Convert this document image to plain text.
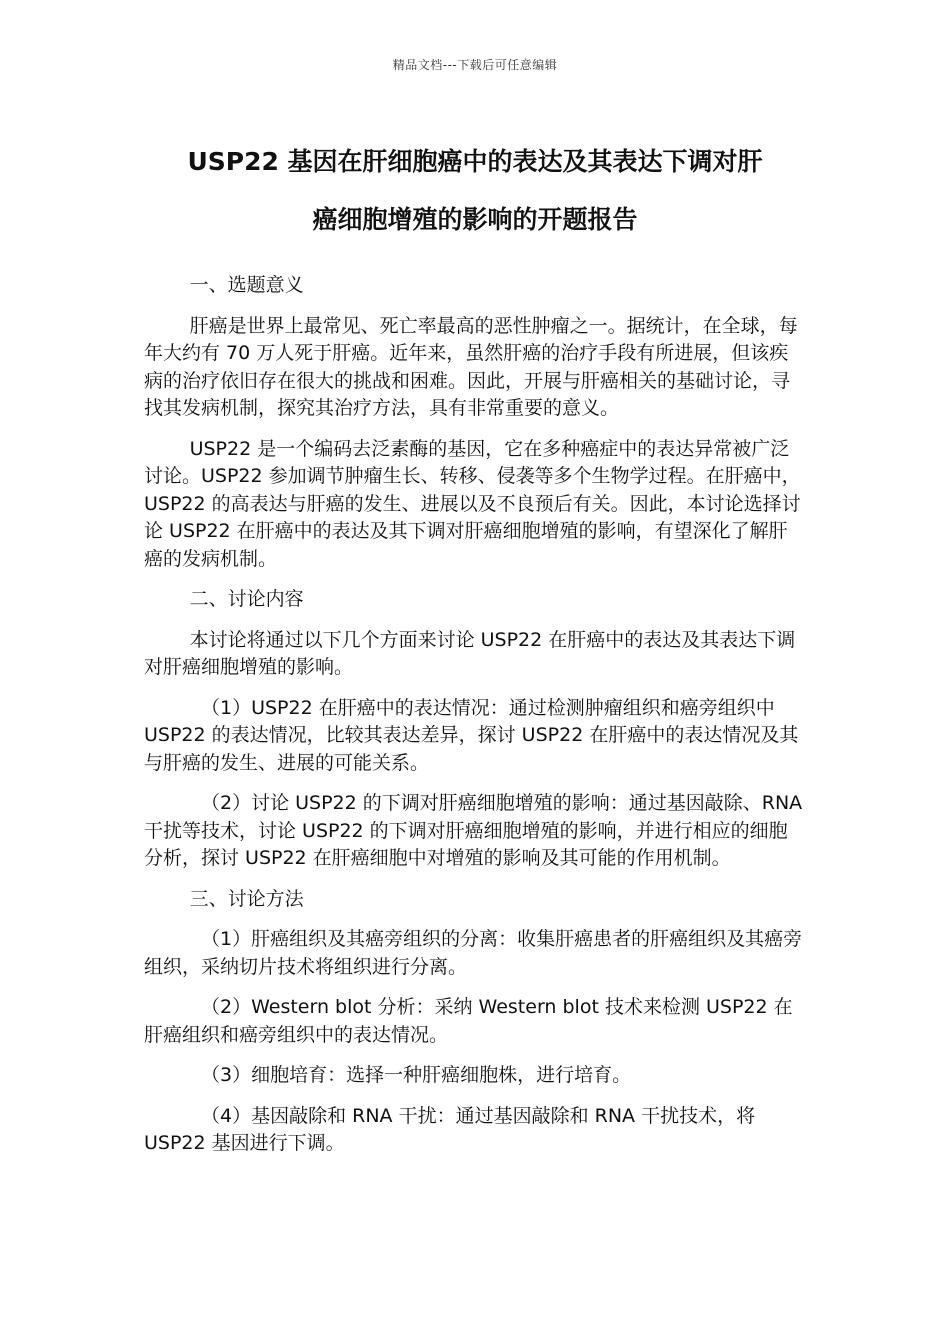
精品文档---下载后可任意编辑
USP22 基因在肝细胞癌中的表达及其表达下调对肝
癌细胞增殖的影响的开题报告

一、选题意义

肝癌是世界上最常见、死亡率最高的恶性肿瘤之一。据统计，在全球，每年大约有 70 万人死于肝癌。近年来，虽然肝癌的治疗手段有所进展，但该疾病的治疗依旧存在很大的挑战和困难。因此，开展与肝癌相关的基础讨论，寻找其发病机制，探究其治疗方法，具有非常重要的意义。

USP22 是一个编码去泛素酶的基因，它在多种癌症中的表达异常被广泛讨论。USP22 参加调节肿瘤生长、转移、侵袭等多个生物学过程。在肝癌中，USP22 的高表达与肝癌的发生、进展以及不良预后有关。因此，本讨论选择讨论 USP22 在肝癌中的表达及其下调对肝癌细胞增殖的影响，有望深化了解肝癌的发病机制。

二、讨论内容

本讨论将通过以下几个方面来讨论 USP22 在肝癌中的表达及其表达下调对肝癌细胞增殖的影响。

（1）USP22 在肝癌中的表达情况：通过检测肿瘤组织和癌旁组织中 USP22 的表达情况，比较其表达差异，探讨 USP22 在肝癌中的表达情况及其与肝癌的发生、进展的可能关系。

（2）讨论 USP22 的下调对肝癌细胞增殖的影响：通过基因敲除、RNA 干扰等技术，讨论 USP22 的下调对肝癌细胞增殖的影响，并进行相应的细胞分析，探讨 USP22 在肝癌细胞中对增殖的影响及其可能的作用机制。

三、讨论方法

（1）肝癌组织及其癌旁组织的分离：收集肝癌患者的肝癌组织及其癌旁组织，采纳切片技术将组织进行分离。

（2）Western blot 分析：采纳 Western blot 技术来检测 USP22 在肝癌组织和癌旁组织中的表达情况。

（3）细胞培育：选择一种肝癌细胞株，进行培育。

（4）基因敲除和 RNA 干扰：通过基因敲除和 RNA 干扰技术，将 USP22 基因进行下调。
